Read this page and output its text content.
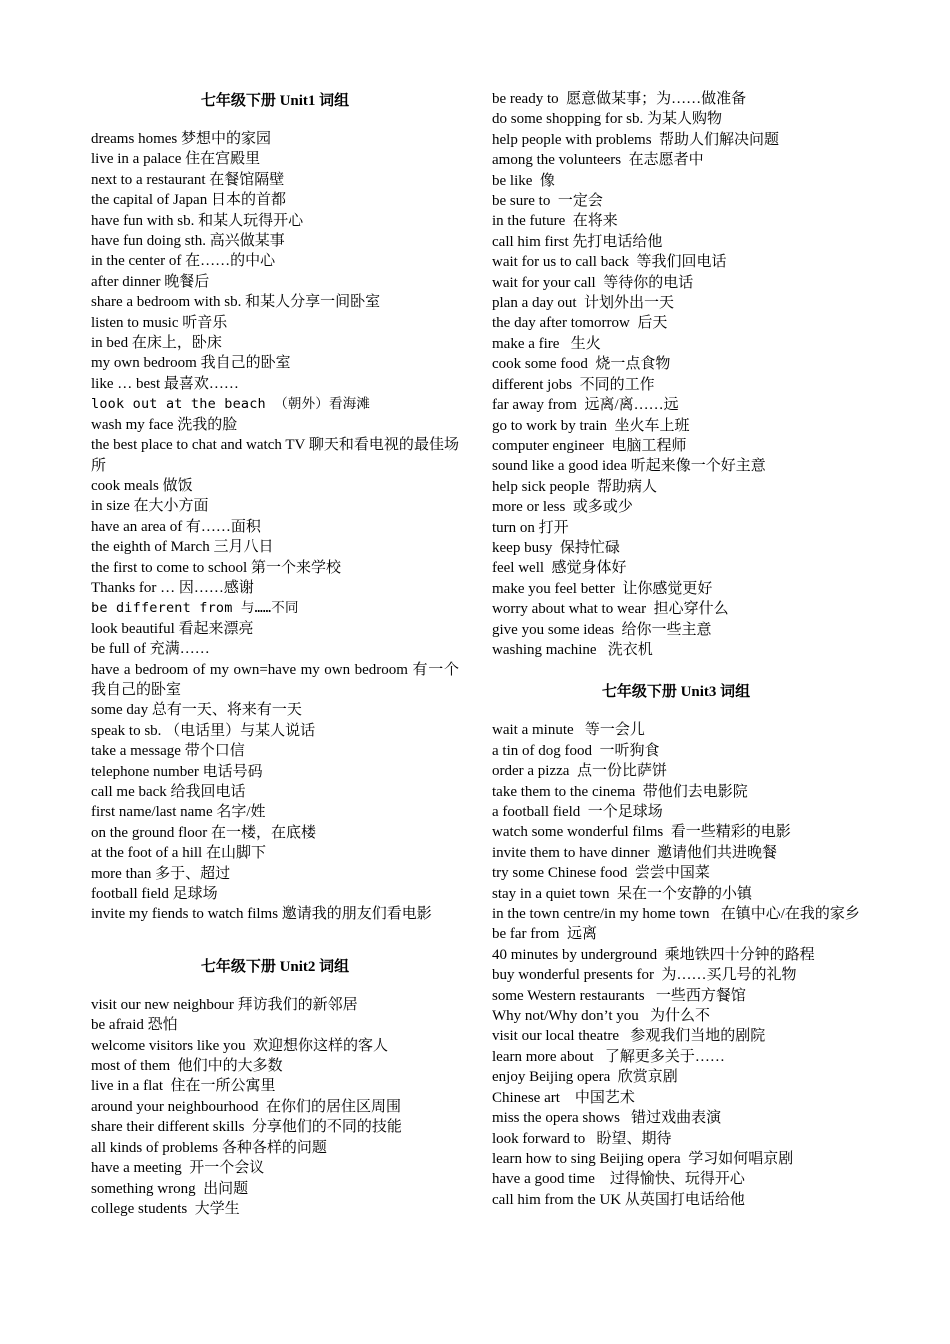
七年级下册 Unit1 词组
dreams homes 梦想中的家园
live in a palace 住在宫殿里
next to a restaurant 在餐馆隔壁
the capital of Japan 日本的首都
have fun with sb. 和某人玩得开心
have fun doing sth. 高兴做某事
in the center of 在……的中心
after dinner 晚餐后
share a bedroom with sb. 和某人分享一间卧室
listen to music 听音乐
in bed 在床上，卧床
my own bedroom 我自己的卧室
like … best 最喜欢……
look out at the beach （朝外）看海滩
wash my face 洗我的脸
the best place to chat and watch TV 聊天和看电视的最佳场所
cook meals 做饭
in size 在大小方面
have an area of 有……面积
the eighth of March 三月八日
the first to come to school 第一个来学校
Thanks for … 因……感谢
be different from 与……不同
look beautiful 看起来漂亮
be full of 充满……
have a bedroom of my own=have my own bedroom 有一个我自己的卧室
some day 总有一天、将来有一天
speak to sb. （电话里）与某人说话
take a message 带个口信
telephone number 电话号码
call me back 给我回电话
first name/last name 名字/姓
on the ground floor 在一楼，在底楼
at the foot of a hill 在山脚下
more than 多于、超过
football field 足球场
invite my fiends to watch films 邀请我的朋友们看电影
七年级下册 Unit2 词组
visit our new neighbour 拜访我们的新邻居
be afraid 恐怕
welcome visitors like you  欢迎想你这样的客人
most of them  他们中的大多数
live in a flat  住在一所公寓里
around your neighbourhood  在你们的居住区周围
share their different skills  分享他们的不同的技能
all kinds of problems 各种各样的问题
have a meeting  开一个会议
something wrong  出问题
college students  大学生
be ready to  愿意做某事；为……做准备
do some shopping for sb. 为某人购物
help people with problems  帮助人们解决问题
among the volunteers  在志愿者中
be like  像
be sure to  一定会
in the future  在将来
call him first 先打电话给他
wait for us to call back  等我们回电话
wait for your call  等待你的电话
plan a day out  计划外出一天
the day after tomorrow  后天
make a fire   生火
cook some food  烧一点食物
different jobs  不同的工作
far away from  远离/离……远
go to work by train  坐火车上班
computer engineer  电脑工程师
sound like a good idea 听起来像一个好主意
help sick people  帮助病人
more or less  或多或少
turn on 打开
keep busy  保持忙碌
feel well  感觉身体好
make you feel better  让你感觉更好
worry about what to wear  担心穿什么
give you some ideas  给你一些主意
washing machine   洗衣机
七年级下册 Unit3 词组
wait a minute   等一会儿
a tin of dog food  一听狗食
order a pizza  点一份比萨饼
take them to the cinema  带他们去电影院
a football field  一个足球场
watch some wonderful films  看一些精彩的电影
invite them to have dinner  邀请他们共进晚餐
try some Chinese food  尝尝中国菜
stay in a quiet town  呆在一个安静的小镇
in the town centre/in my home town   在镇中心/在我的家乡
be far from  远离
40 minutes by underground  乘地铁四十分钟的路程
buy wonderful presents for  为……买几号的礼物
some Western restaurants   一些西方餐馆
Why not/Why don’t you   为什么不
visit our local theatre   参观我们当地的剧院
learn more about   了解更多关于……
enjoy Beijing opera  欣赏京剧
Chinese art    中国艺术
miss the opera shows   错过戏曲表演
look forward to   盼望、期待
learn how to sing Beijing opera  学习如何唱京剧
have a good time    过得愉快、玩得开心
call him from the UK 从英国打电话给他
